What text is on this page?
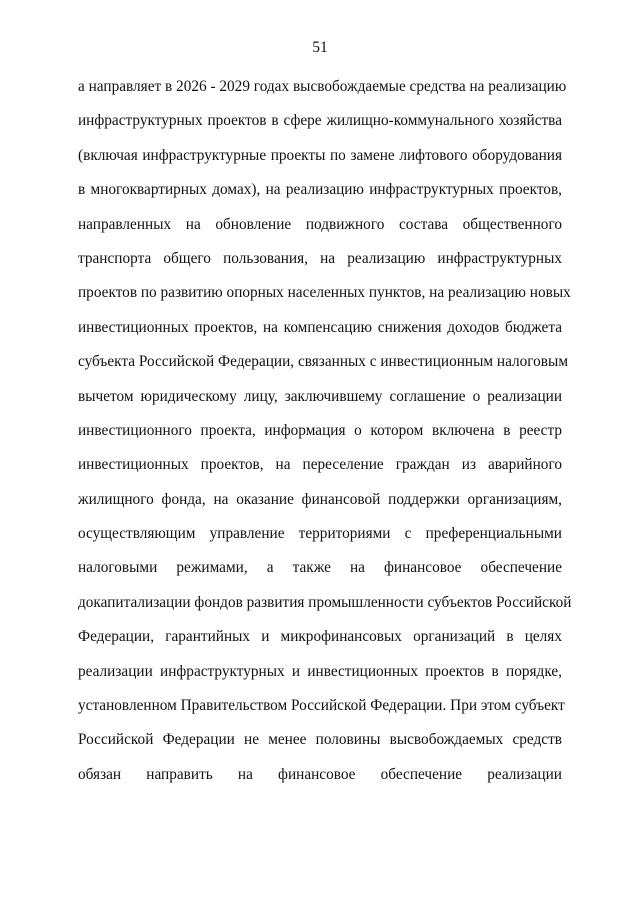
51
а направляет в 2026 - 2029 годах высвобождаемые средства на реализацию
инфраструктурных проектов в сфере жилищно-коммунального хозяйства
(включая инфраструктурные проекты по замене лифтового оборудования
в многоквартирных домах), на реализацию инфраструктурных проектов,
направленных на обновление подвижного состава общественного
транспорта общего пользования, на реализацию инфраструктурных
проектов по развитию опорных населенных пунктов, на реализацию новых
инвестиционных проектов, на компенсацию снижения доходов бюджета
субъекта Российской Федерации, связанных с инвестиционным налоговым
вычетом юридическому лицу, заключившему соглашение о реализации
инвестиционного проекта, информация о котором включена в реестр
инвестиционных проектов, на переселение граждан из аварийного
жилищного фонда, на оказание финансовой поддержки организациям,
осуществляющим управление территориями с преференциальными
налоговыми режимами, а также на финансовое обеспечение
докапитализации фондов развития промышленности субъектов Российской
Федерации, гарантийных и микрофинансовых организаций в целях
реализации инфраструктурных и инвестиционных проектов в порядке,
установленном Правительством Российской Федерации. При этом субъект
Российской Федерации не менее половины высвобождаемых средств
обязан направить на финансовое обеспечение реализации
